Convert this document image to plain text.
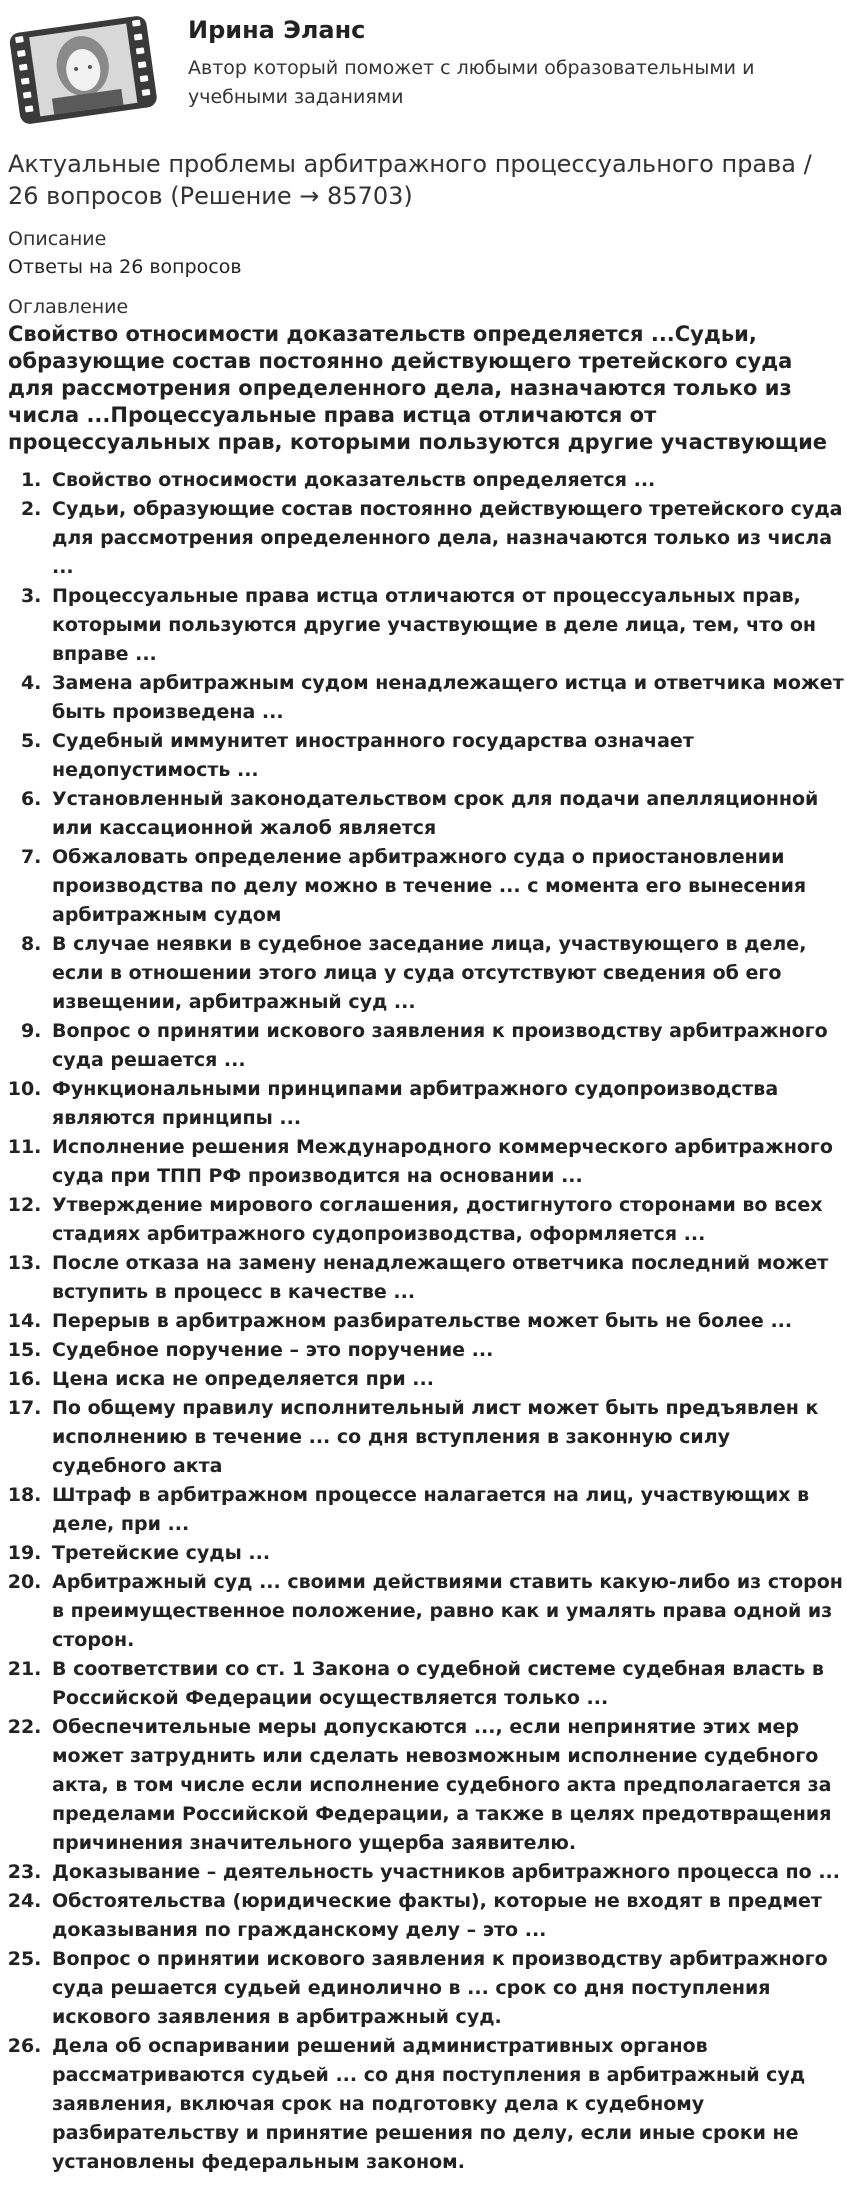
Ирина Эланс
Автор который поможет с любыми образовательными и учебными заданиями
Актуальные проблемы арбитражного процессуального права / 26 вопросов (Решение → 85703)
Описание
Ответы на 26 вопросов
Оглавление
Свойство относимости доказательств определяется ...Судьи, образующие состав постоянно действующего третейского суда для рассмотрения определенного дела, назначаются только из числа ...Процессуальные права истца отличаются от процессуальных прав, которыми пользуются другие участвующие
1. Свойство относимости доказательств определяется ...
2. Судьи, образующие состав постоянно действующего третейского суда для рассмотрения определенного дела, назначаются только из числа ...
3. Процессуальные права истца отличаются от процессуальных прав, которыми пользуются другие участвующие в деле лица, тем, что он вправе ...
4. Замена арбитражным судом ненадлежащего истца и ответчика может быть произведена ...
5. Судебный иммунитет иностранного государства означает недопустимость ...
6. Установленный законодательством срок для подачи апелляционной или кассационной жалоб является
7. Обжаловать определение арбитражного суда о приостановлении производства по делу можно в течение ... с момента его вынесения арбитражным судом
8. В случае неявки в судебное заседание лица, участвующего в деле, если в отношении этого лица у суда отсутствуют сведения об его извещении, арбитражный суд ...
9. Вопрос о принятии искового заявления к производству арбитражного суда решается ...
10. Функциональными принципами арбитражного судопроизводства являются принципы ...
11. Исполнение решения Международного коммерческого арбитражного суда при ТПП РФ производится на основании ...
12. Утверждение мирового соглашения, достигнутого сторонами во всех стадиях арбитражного судопроизводства, оформляется ...
13. После отказа на замену ненадлежащего ответчика последний может вступить в процесс в качестве ...
14. Перерыв в арбитражном разбирательстве может быть не более ...
15. Судебное поручение – это поручение ...
16. Цена иска не определяется при ...
17. По общему правилу исполнительный лист может быть предъявлен к исполнению в течение ... со дня вступления в законную силу судебного акта
18. Штраф в арбитражном процессе налагается на лиц, участвующих в деле, при ...
19. Третейские суды ...
20. Арбитражный суд ... своими действиями ставить какую-либо из сторон в преимущественное положение, равно как и умалять права одной из сторон.
21. В соответствии со ст. 1 Закона о судебной системе судебная власть в Российской Федерации осуществляется только ...
22. Обеспечительные меры допускаются ..., если непринятие этих мер может затруднить или сделать невозможным исполнение судебного акта, в том числе если исполнение судебного акта предполагается за пределами Российской Федерации, а также в целях предотвращения причинения значительного ущерба заявителю.
23. Доказывание – деятельность участников арбитражного процесса по ...
24. Обстоятельства (юридические факты), которые не входят в предмет доказывания по гражданскому делу – это ...
25. Вопрос о принятии искового заявления к производству арбитражного суда решается судьей единолично в ... срок со дня поступления искового заявления в арбитражный суд.
26. Дела об оспаривании решений административных органов рассматриваются судьей ... со дня поступления в арбитражный суд заявления, включая срок на подготовку дела к судебному разбирательству и принятие решения по делу, если иные сроки не установлены федеральным законом.
